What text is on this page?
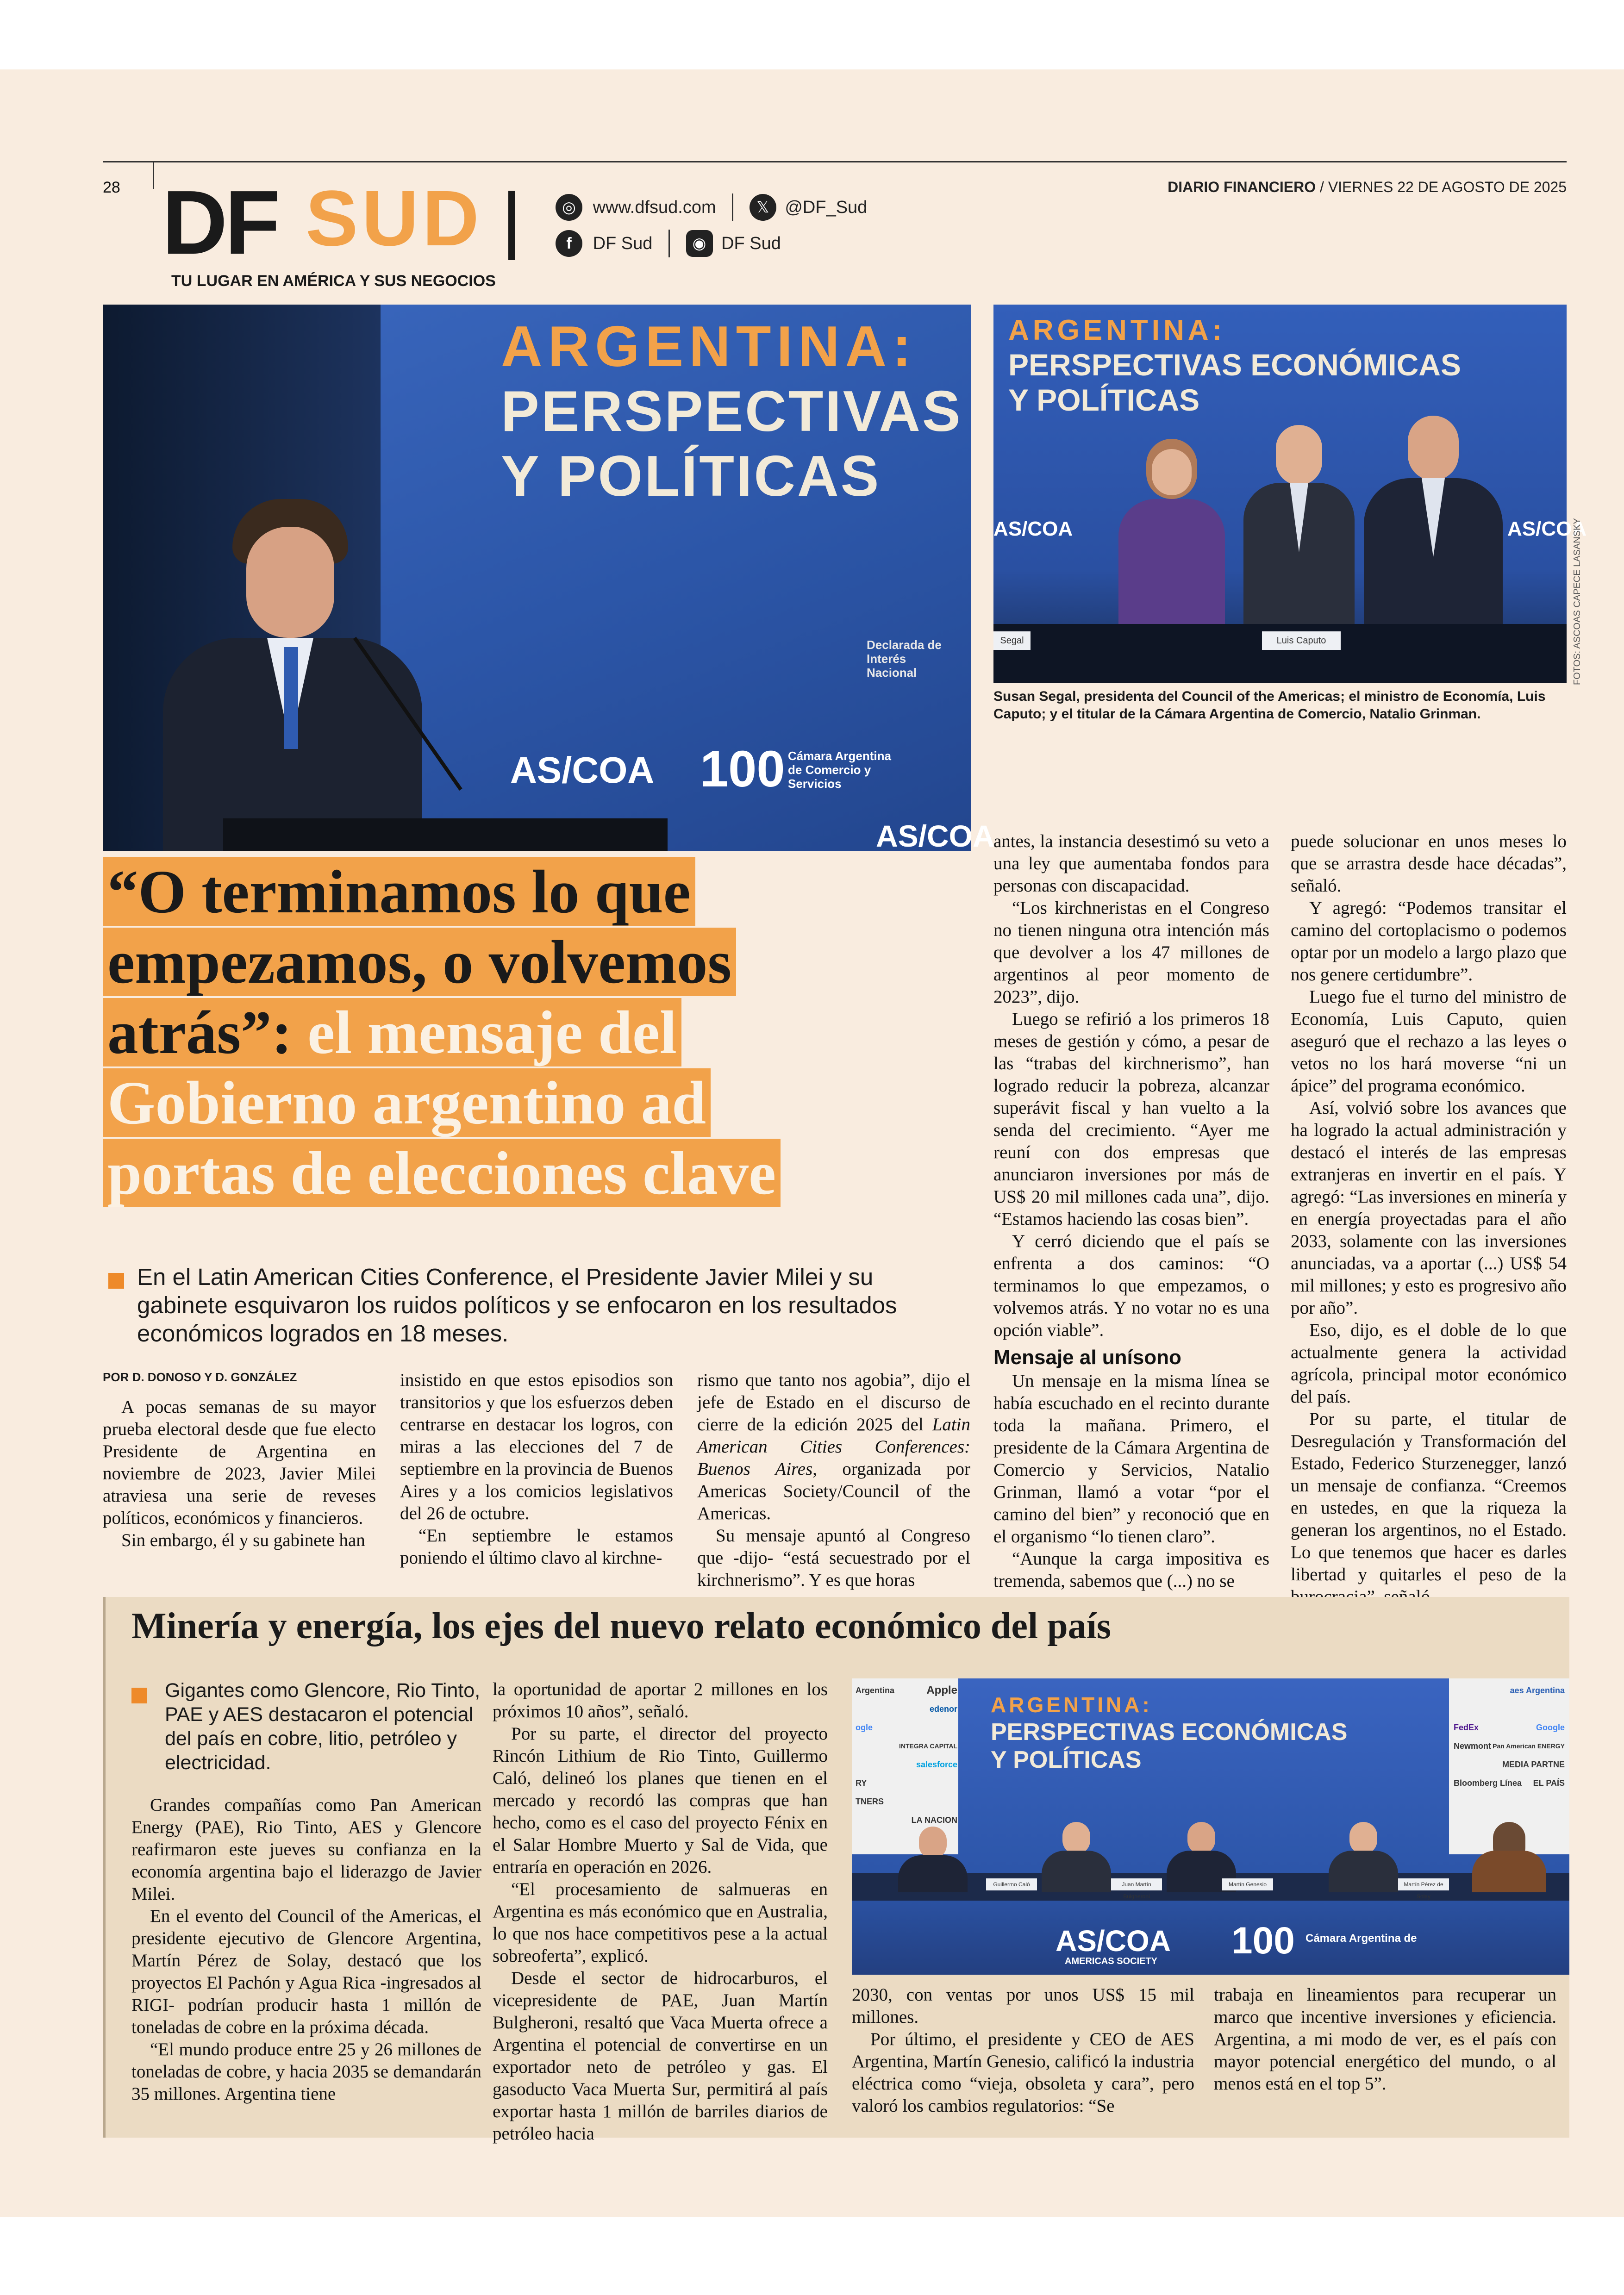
28 DF SUD
TU LUGAR EN AMÉRICA Y SUS NEGOCIOS
◎ www.dfsud.com	𝕏 @DF_Sud
f DF Sud	◉ DF Sud
DIARIO FINANCIERO / VIERNES 22 DE AGOSTO DE 2025
ARGENTINA:
PERSPECTIVAS
Y POLÍTICAS
Declarada de Interés Nacional
AS/COA 100 Cámara Argentina de Comercio y Servicios
AS/COA
ARGENTINA:
PERSPECTIVAS ECONÓMICAS
Y POLÍTICAS
AS/COA	AS/COA
Segal	Luis Caputo	FOTOS: ASCOAS CAPECE LASANSKY
Susan Segal, presidenta del Council of the Americas; el ministro de Economía, Luis Caputo; y el titular de la Cámara Argentina de Comercio, Natalio Grinman.
“O terminamos lo que
empezamos, o volvemos
atrás”: el mensaje del
Gobierno argentino ad
portas de elecciones clave
En el Latin American Cities Conference, el Presidente Javier Milei y su gabinete esquivaron los ruidos políticos y se enfocaron en los resultados económicos logrados en 18 meses.
POR D. DONOSO Y D. GONZÁLEZ

A pocas semanas de su mayor prueba electoral desde que fue electo Presidente de Argentina en noviembre de 2023, Javier Milei atraviesa una serie de reveses políticos, económicos y financieros.

Sin embargo, él y su gabinete han

insistido en que estos episodios son transitorios y que los esfuerzos deben centrarse en destacar los logros, con miras a las elecciones del 7 de septiembre en la provincia de Buenos Aires y a los comicios legislativos del 26 de octubre.

“En septiembre le estamos poniendo el último clavo al kirchne-

rismo que tanto nos agobia”, dijo el jefe de Estado en el discurso de cierre de la edición 2025 del Latin American Cities Conferences: Buenos Aires, organizada por Americas Society/Council of the Americas.

Su mensaje apuntó al Congreso que -dijo- “está secuestrado por el kirchnerismo”. Y es que horas

antes, la instancia desestimó su veto a una ley que aumentaba fondos para personas con discapacidad.

“Los kirchneristas en el Congreso no tienen ninguna otra intención más que devolver a los 47 millones de argentinos al peor momento de 2023”, dijo.

Luego se refirió a los primeros 18 meses de gestión y cómo, a pesar de las “trabas del kirchnerismo”, han logrado reducir la pobreza, alcanzar superávit fiscal y han vuelto a la senda del crecimiento. “Ayer me reuní con dos empresas que anunciaron inversiones por más de US$ 20 mil millones cada una”, dijo. “Estamos haciendo las cosas bien”.

Y cerró diciendo que el país se enfrenta a dos caminos: “O terminamos lo que empezamos, o volvemos atrás. Y no votar no es una opción viable”.

Mensaje al unísono

Un mensaje en la misma línea se había escuchado en el recinto durante toda la mañana. Primero, el presidente de la Cámara Argentina de Comercio y Servicios, Natalio Grinman, llamó a votar “por el camino del bien” y reconoció que en el organismo “lo tienen claro”.

“Aunque la carga impositiva es tremenda, sabemos que (...) no se

puede solucionar en unos meses lo que se arrastra desde hace décadas”, señaló.

Y agregó: “Podemos transitar el camino del cortoplacismo o podemos optar por un modelo a largo plazo que nos genere certidumbre”.

Luego fue el turno del ministro de Economía, Luis Caputo, quien aseguró que el rechazo a las leyes o vetos no los hará moverse “ni un ápice” del programa económico.

Así, volvió sobre los avances que ha logrado la actual administración y destacó el interés de las empresas extranjeras en invertir en el país. Y agregó: “Las inversiones en minería y en energía proyectadas para el año 2033, solamente con las inversiones anunciadas, va a aportar (...) US$ 54 mil millones; y esto es progresivo año por año”.

Eso, dijo, es el doble de lo que actualmente genera la actividad agrícola, principal motor económico del país.

Por su parte, el titular de Desregulación y Transformación del Estado, Federico Sturzenegger, lanzó un mensaje de confianza. “Creemos en ustedes, en que la riqueza la generan los argentinos, no el Estado. Lo que tenemos que hacer es darles libertad y quitarles el peso de la

Minería y energía, los ejes del nuevo relato económico del país
Gigantes como Glencore, Rio Tinto, PAE y AES destacaron el potencial del país en cobre, litio, petróleo y electricidad.

Grandes compañías como Pan American Energy (PAE), Rio Tinto, AES y Glencore reafirmaron este jueves su confianza en la economía argentina bajo el liderazgo de Javier Milei.

En el evento del Council of the Americas, el presidente ejecutivo de Glencore Argentina, Martín Pérez de Solay, destacó que los proyectos El Pachón y Agua Rica -ingresados al RIGI- podrían producir hasta 1 millón de toneladas de cobre en la próxima década.

“El mundo produce entre 25 y 26 millones de toneladas de cobre, y hacia 2035 se demandarán 35 millones. Argentina tiene

la oportunidad de aportar 2 millones en los próximos 10 años”, señaló.

Por su parte, el director del proyecto Rincón Lithium de Rio Tinto, Guillermo Caló, delineó los planes que tienen en el mercado y recordó las compras que han hecho, como es el caso del proyecto Fénix en el Salar Hombre Muerto y Sal de Vida, que entraría en operación en 2026.

“El procesamiento de salmueras en Argentina es más económico que en Australia, lo que nos hace competitivos pese a la actual sobreoferta”, explicó.

Desde el sector de hidrocarburos, el vicepresidente de PAE, Juan Martín Bulgheroni, resaltó que Vaca Muerta ofrece a Argentina el potencial de convertirse en un exportador neto de petróleo y gas. El gasoducto Vaca Muerta Sur, permitirá al país exportar hasta 1 millón de barriles diarios de petróleo hacia

Argentina	Apple
edenor
ogle
INTEGRA CAPITAL
salesforce
RY
TNERS
LA NACION
aes Argentina
FedEx	Google
Newmont Pan American ENERGY
MEDIA PARTNE
Bloomberg Línea	EL PAÍS
ARGENTINA:
PERSPECTIVAS ECONÓMICAS
Y POLÍTICAS
Guillermo Caló	Juan Martín Bulgheroni
Martín Genesio	Martín Pérez de Solay
AS/COA
AMERICAS SOCIETY 100 Cámara Argentina de

2030, con ventas por unos US$ 15 mil millones.

Por último, el presidente y CEO de AES Argentina, Martín Genesio, calificó la industria eléctrica como “vieja, obsoleta y cara”, pero valoró los cambios regulatorios: “Se

trabaja en lineamientos para recuperar un marco que incentive inversiones y eficiencia. Argentina, a mi modo de ver, es el país con mayor potencial energético del mundo, o al menos está en el top 5”.
